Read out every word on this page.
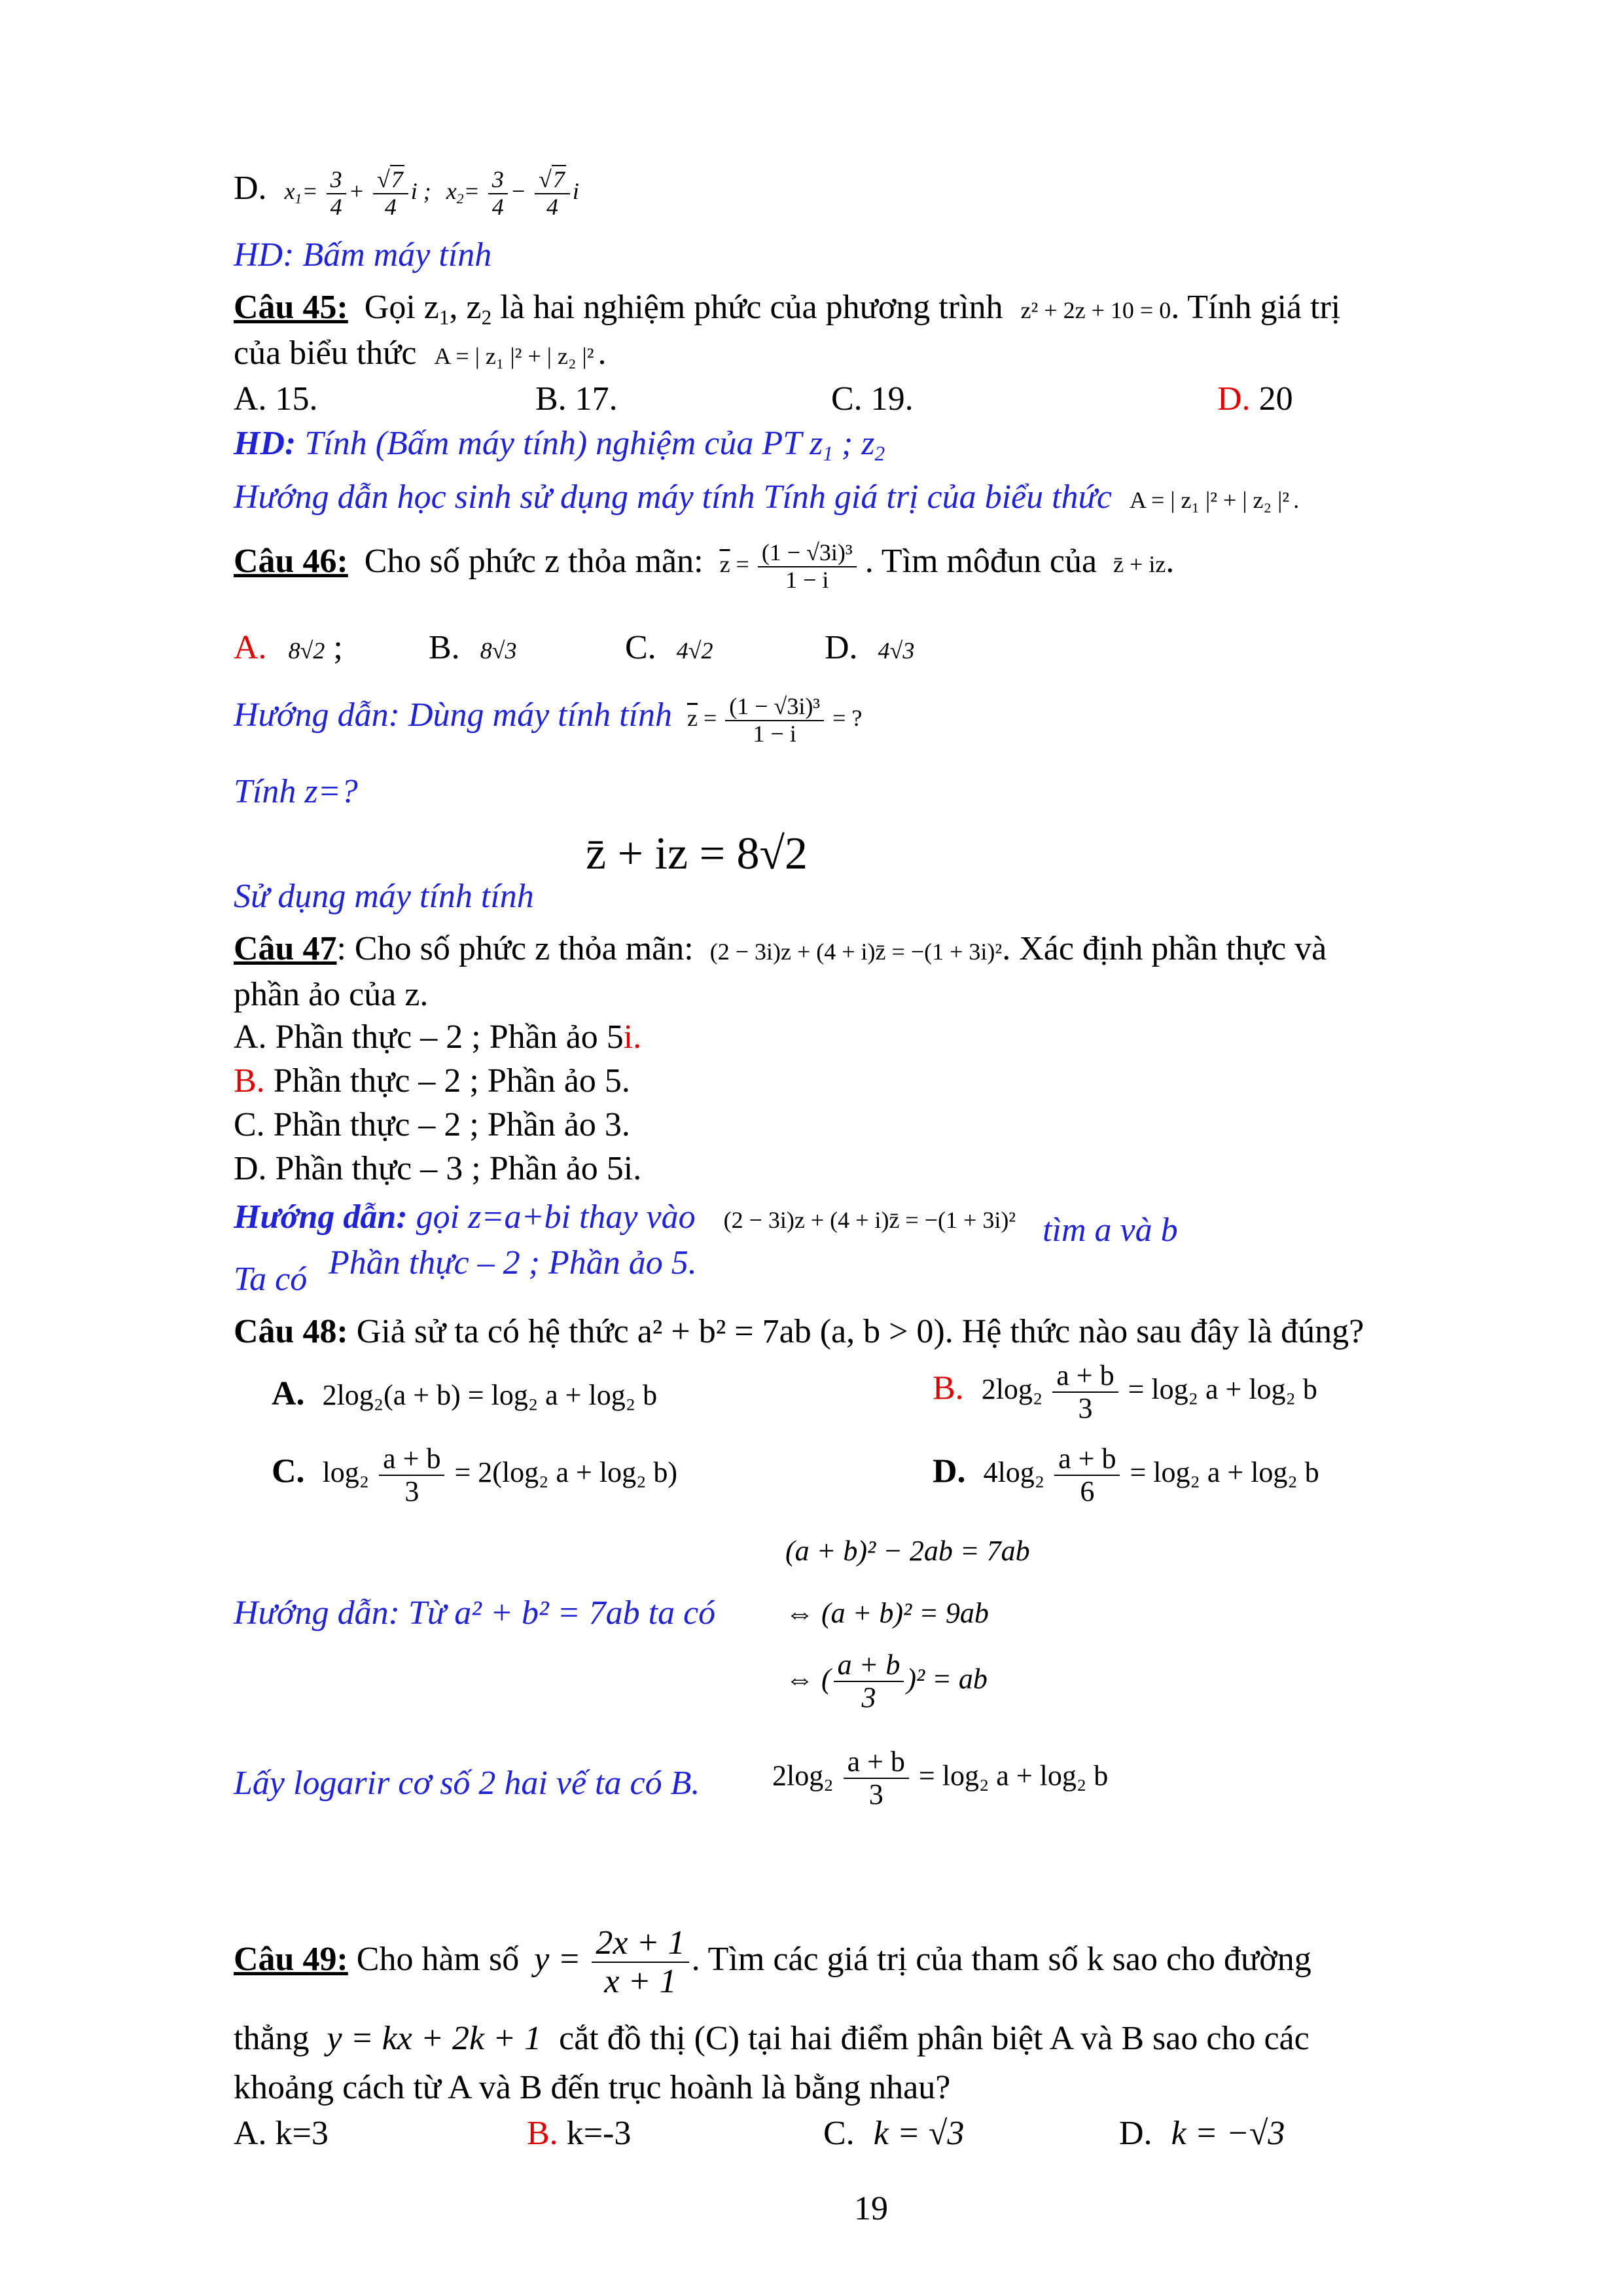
D. $x_1= \frac{3}{4} + \frac{√7}{4}$ i ; $x_2= \frac{3}{4} - \frac{√7}{4}$ i
HD: Bấm máy tính
Câu 45: Gọi $z_1$, $z_2$ là hai nghiệm phức của phương trình z² + 2z + 10 = 0. Tính giá trị
của biểu thức A = | z₁ |² + | z₂ |² .
A. 15.	B. 17.	C. 19.	D. 20
HD: Tính (Bấm máy tính) nghiệm của PT $z_1$ ; $z_2$
Hướng dẫn học sinh sử dụng máy tính Tính giá trị của biểu thức A = | z₁ |² + | z₂ |² .
Câu 46: Cho số phức z thỏa mãn: $\overline{z} = \frac{\text{(1 − √3i)³}}{1 - i}$ . Tìm môđun của z̄ + iz.
A. 8√2 ;	B. 8√3	C. 4√2	D. 4√3
Hướng dẫn: Dùng máy tính tính $\overline{z} = \frac{\text{(1 − √3i)³}}{1 - i}$ = ?
Tính z=?
z̄ + iz = 8√2
Sử dụng máy tính tính
Câu 47: Cho số phức z thỏa mãn: (2 − 3i)z + (4 + i)z̄ = −(1 + 3i)². Xác định phần thực và
phần ảo của z.
A. Phần thực – 2 ; Phần ảo 5i.
B. Phần thực – 2 ; Phần ảo 5.
C. Phần thực – 2 ; Phần ảo 3.
D. Phần thực – 3 ; Phần ảo 5i.
Hướng dẫn: gọi z=a+bi thay vào (2 − 3i)z + (4 + i)z̄ = −(1 + 3i)² tìm a và b
Ta có Phần thực – 2 ; Phần ảo 5.
Câu 48: Giả sử ta có hệ thức a² + b² = 7ab (a, b > 0). Hệ thức nào sau đây là đúng?
A. 2log₂(a + b) = log₂ a + log₂ b	B. $2\log_2 \frac{a + b}{3} = \log_2$ a + log₂ b
C. $\log_2 \frac{a + b}{3} = 2(\log_2$ a + log₂ b)	D. $4\log_2 \frac{a + b}{6} = \log_2$ a + log₂ b
(a + b)² − 2ab = 7ab
Hướng dẫn: Từ a² + b² = 7ab ta có ⇔ (a + b)² = 9ab
⇔ ( $\frac{a + b}{3} )^2$ = ab
Lấy logarir cơ số 2 hai vế ta có B.	$2\log_2 \frac{a + b}{3} = \log_2$ a + log₂ b
Câu 49: Cho hàm số $y = \frac{2x + 1}{x + 1}$ . Tìm các giá trị của tham số k sao cho đường
thẳng y = kx + 2k + 1 cắt đồ thị (C) tại hai điểm phân biệt A và B sao cho các
khoảng cách từ A và B đến trục hoành là bằng nhau?
A. k=3	B. k=-3	C. k = √3	D. k = −√3
19
